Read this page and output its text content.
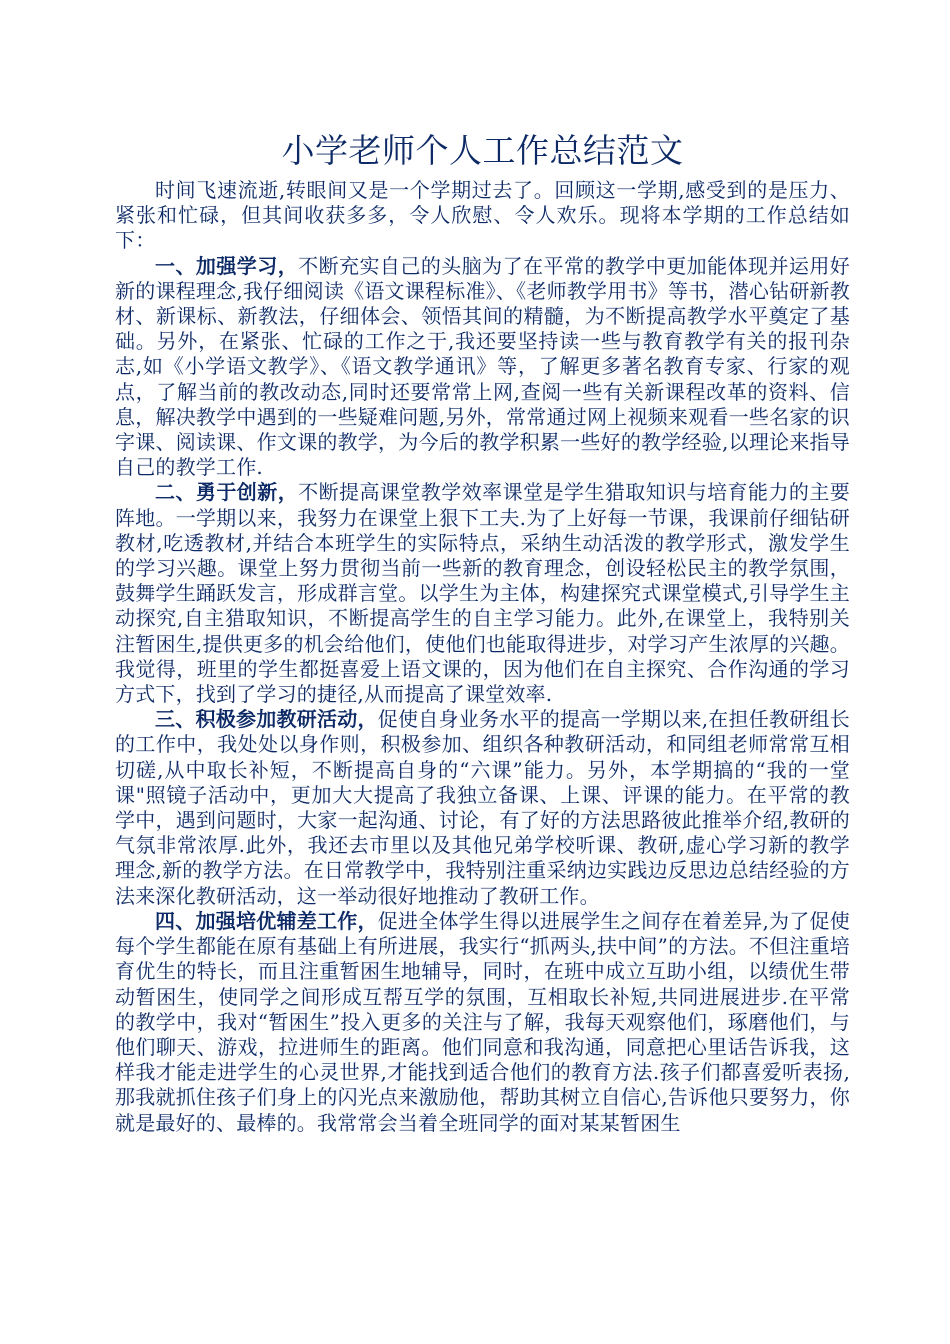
小学老师个人工作总结范文

时间飞速流逝,转眼间又是一个学期过去了。回顾这一学期,感受到的是压力、紧张和忙碌，但其间收获多多，令人欣慰、令人欢乐。现将本学期的工作总结如下：

一、加强学习，不断充实自己的头脑为了在平常的教学中更加能体现并运用好新的课程理念,我仔细阅读《语文课程标准》、《老师教学用书》等书，潜心钻研新教材、新课标、新教法，仔细体会、领悟其间的精髓，为不断提高教学水平奠定了基础。另外，在紧张、忙碌的工作之于,我还要坚持读一些与教育教学有关的报刊杂志,如《小学语文教学》、《语文教学通讯》等，了解更多著名教育专家、行家的观点，了解当前的教改动态,同时还要常常上网,查阅一些有关新课程改革的资料、信息，解决教学中遇到的一些疑难问题,另外，常常通过网上视频来观看一些名家的识字课、阅读课、作文课的教学，为今后的教学积累一些好的教学经验,以理论来指导自己的教学工作.

二、勇于创新，不断提高课堂教学效率课堂是学生猎取知识与培育能力的主要阵地。一学期以来，我努力在课堂上狠下工夫.为了上好每一节课，我课前仔细钻研教材,吃透教材,并结合本班学生的实际特点，采纳生动活泼的教学形式，激发学生的学习兴趣。课堂上努力贯彻当前一些新的教育理念，创设轻松民主的教学氛围，鼓舞学生踊跃发言，形成群言堂。以学生为主体，构建探究式课堂模式,引导学生主动探究,自主猎取知识，不断提高学生的自主学习能力。此外,在课堂上，我特别关注暂困生,提供更多的机会给他们，使他们也能取得进步，对学习产生浓厚的兴趣。我觉得，班里的学生都挺喜爱上语文课的，因为他们在自主探究、合作沟通的学习方式下，找到了学习的捷径,从而提高了课堂效率.

三、积极参加教研活动，促使自身业务水平的提高一学期以来,在担任教研组长的工作中，我处处以身作则，积极参加、组织各种教研活动，和同组老师常常互相切磋,从中取长补短，不断提高自身的“六课”能力。另外，本学期搞的“我的一堂课"照镜子活动中，更加大大提高了我独立备课、上课、评课的能力。在平常的教学中，遇到问题时，大家一起沟通、讨论，有了好的方法思路彼此推举介绍,教研的气氛非常浓厚.此外，我还去市里以及其他兄弟学校听课、教研,虚心学习新的教学理念,新的教学方法。在日常教学中，我特别注重采纳边实践边反思边总结经验的方法来深化教研活动，这一举动很好地推动了教研工作。

四、加强培优辅差工作，促进全体学生得以进展学生之间存在着差异,为了促使每个学生都能在原有基础上有所进展，我实行“抓两头,扶中间”的方法。不但注重培育优生的特长，而且注重暂困生地辅导，同时，在班中成立互助小组，以绩优生带动暂困生，使同学之间形成互帮互学的氛围，互相取长补短,共同进展进步.在平常的教学中，我对“暂困生”投入更多的关注与了解，我每天观察他们，琢磨他们，与他们聊天、游戏，拉进师生的距离。他们同意和我沟通，同意把心里话告诉我，这样我才能走进学生的心灵世界,才能找到适合他们的教育方法.孩子们都喜爱听表扬,那我就抓住孩子们身上的闪光点来激励他，帮助其树立自信心,告诉他只要努力，你就是最好的、最棒的。我常常会当着全班同学的面对某某暂困生
